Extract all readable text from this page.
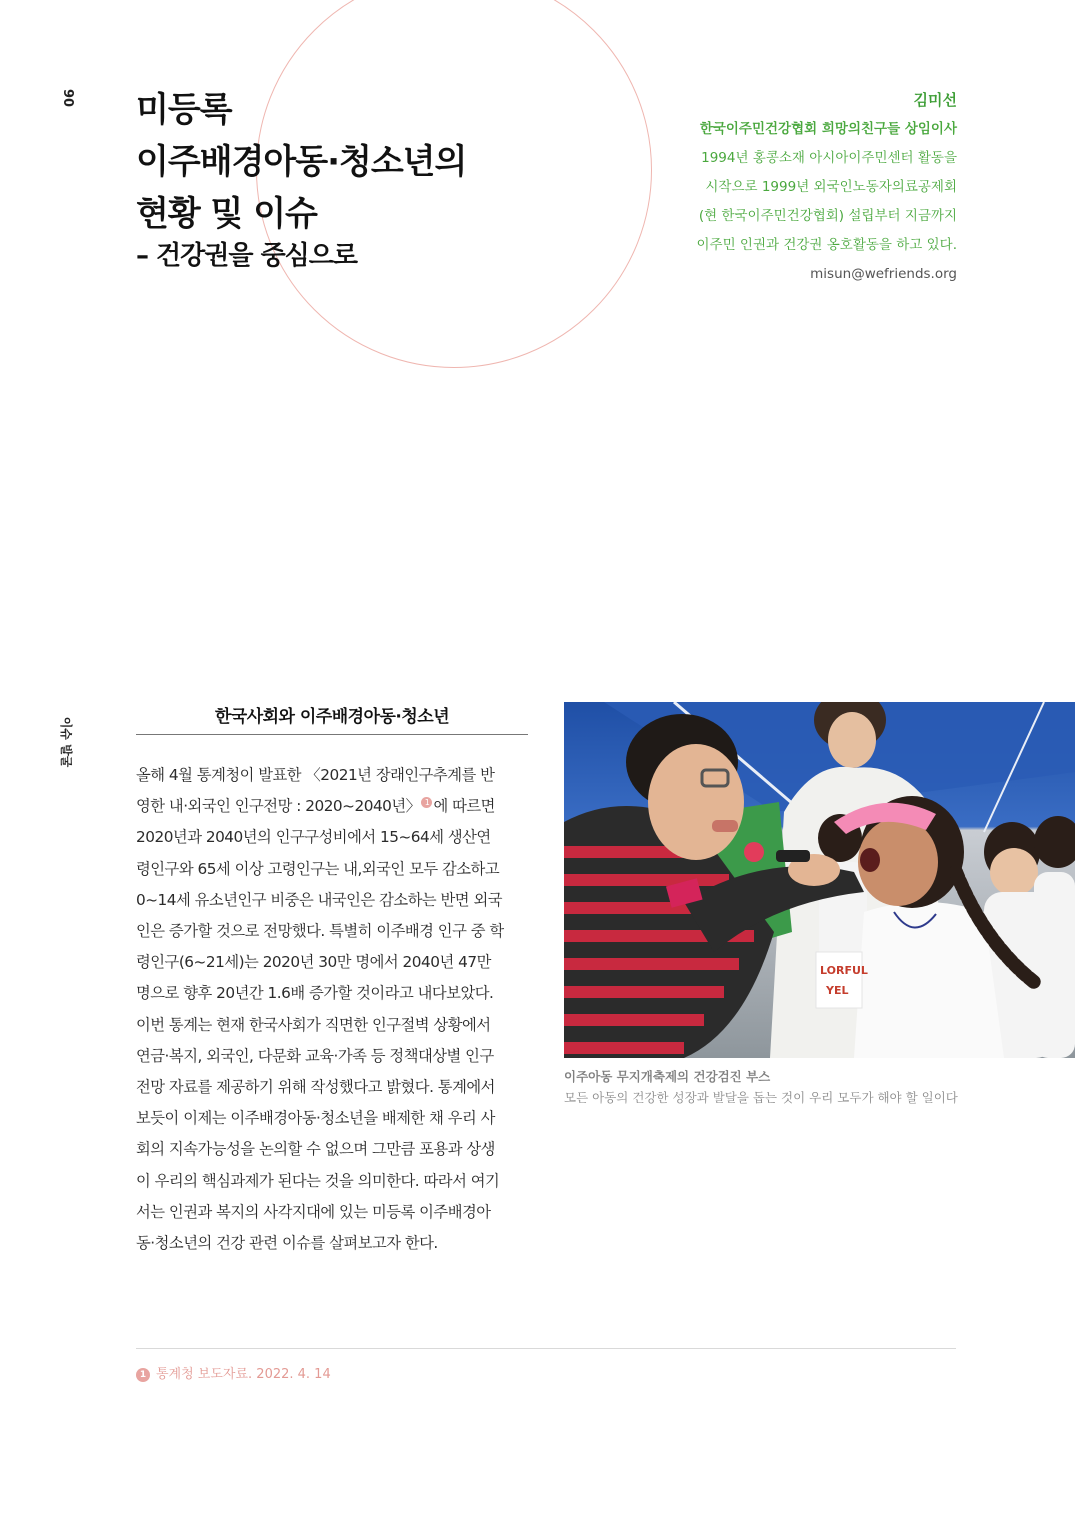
90
이슈 발굴
미등록
이주배경아동·청소년의
현황 및 이슈
– 건강권을 중심으로
김미선
한국이주민건강협회 희망의친구들 상임이사
1994년 홍콩소재 아시아이주민센터 활동을
시작으로 1999년 외국인노동자의료공제회
(현 한국이주민건강협회) 설립부터 지금까지
이주민 인권과 건강권 옹호활동을 하고 있다.
misun@wefriends.org
한국사회와 이주배경아동·청소년
올해 4월 통계청이 발표한 〈2021년 장래인구추계를 반
영한 내·외국인 인구전망 : 2020~2040년〉 1 에 따르면
2020년과 2040년의 인구구성비에서 15~64세 생산연
령인구와 65세 이상 고령인구는 내,외국인 모두 감소하고
0~14세 유소년인구 비중은 내국인은 감소하는 반면 외국
인은 증가할 것으로 전망했다. 특별히 이주배경 인구 중 학
령인구(6~21세)는 2020년 30만 명에서 2040년 47만
명으로 향후 20년간 1.6배 증가할 것이라고 내다보았다.
이번 통계는 현재 한국사회가 직면한 인구절벽 상황에서
연금·복지, 외국인, 다문화 교육·가족 등 정책대상별 인구
전망 자료를 제공하기 위해 작성했다고 밝혔다. 통계에서
보듯이 이제는 이주배경아동·청소년을 배제한 채 우리 사
회의 지속가능성을 논의할 수 없으며 그만큼 포용과 상생
이 우리의 핵심과제가 된다는 것을 의미한다. 따라서 여기
서는 인권과 복지의 사각지대에 있는 미등록 이주배경아
동·청소년의 건강 관련 이슈를 살펴보고자 한다.
LORFUL
YEL
이주아동 무지개축제의 건강검진 부스
모든 아동의 건강한 성장과 발달을 돕는 것이 우리 모두가 해야 할 일이다
1 통계청 보도자료. 2022. 4. 14
